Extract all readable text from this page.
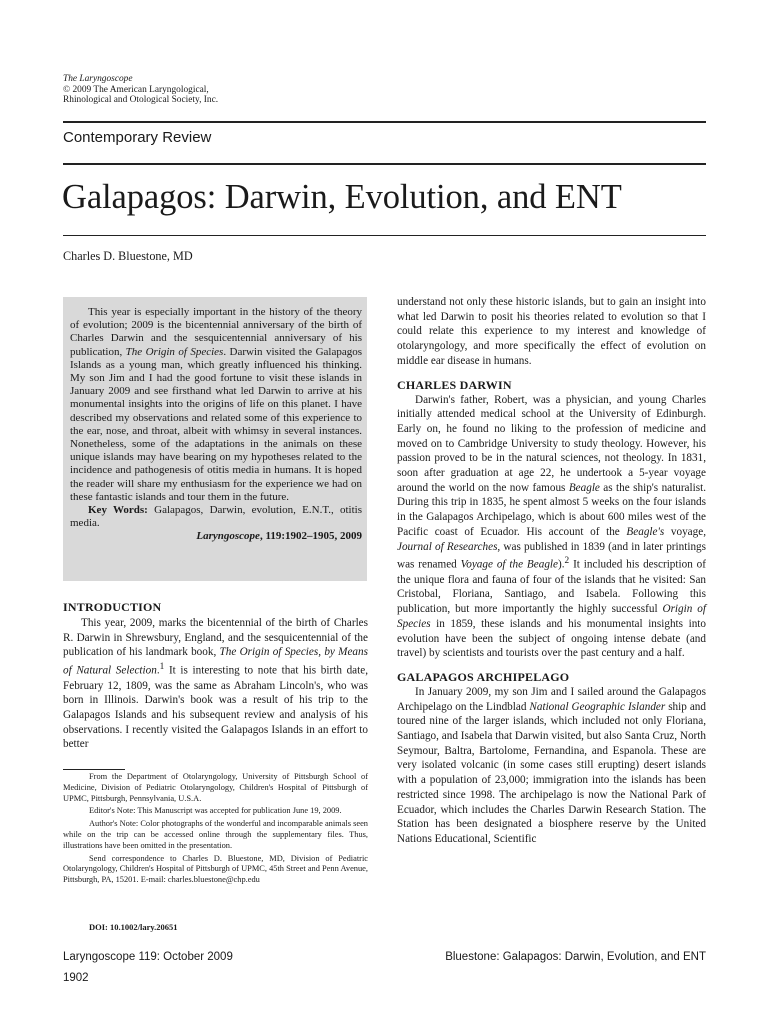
The Laryngoscope
© 2009 The American Laryngological,
Rhinological and Otological Society, Inc.
Contemporary Review
Galapagos: Darwin, Evolution, and ENT
Charles D. Bluestone, MD

This year is especially important in the history of the theory of evolution; 2009 is the bicentennial anniversary of the birth of Charles Darwin and the sesquicentennial anniversary of his publication, The Origin of Species. Darwin visited the Galapagos Islands as a young man, which greatly influenced his thinking. My son Jim and I had the good fortune to visit these islands in January 2009 and see firsthand what led Darwin to arrive at his monumental insights into the origins of life on this planet. I have described my observations and related some of this experience to the ear, nose, and throat, albeit with whimsy in several instances. Nonetheless, some of the adaptations in the animals on these unique islands may have bearing on my hypotheses related to the incidence and pathogenesis of otitis media in humans. It is hoped the reader will share my enthusiasm for the experience we had on these fantastic islands and tour them in the future.

Key Words: Galapagos, Darwin, evolution, E.N.T., otitis media.

Laryngoscope, 119:1902–1905, 2009

INTRODUCTION

This year, 2009, marks the bicentennial of the birth of Charles R. Darwin in Shrewsbury, England, and the sesquicentennial of the publication of his landmark book, The Origin of Species, by Means of Natural Selection.$^1$ It is interesting to note that his birth date, February 12, 1809, was the same as Abraham Lincoln's, who was born in Illinois. Darwin's book was a result of his trip to the Galapagos Islands and his subsequent review and analysis of his observations. I recently visited the Galapagos Islands in an effort to better

From the Department of Otolaryngology, University of Pittsburgh School of Medicine, Division of Pediatric Otolaryngology, Children's Hospital of Pittsburgh of UPMC, Pittsburgh, Pennsylvania, U.S.A.

Editor's Note: This Manuscript was accepted for publication June 19, 2009.

Author's Note: Color photographs of the wonderful and incomparable animals seen while on the trip can be accessed online through the supplementary files. Thus, illustrations have been omitted in the presentation.

Send correspondence to Charles D. Bluestone, MD, Division of Pediatric Otolaryngology, Children's Hospital of Pittsburgh of UPMC, 45th Street and Penn Avenue, Pittsburgh, PA, 15201. E-mail: charles.bluestone@chp.edu

DOI: 10.1002/lary.20651

understand not only these historic islands, but to gain an insight into what led Darwin to posit his theories related to evolution so that I could relate this experience to my interest and knowledge of otolaryngology, and more specifically the effect of evolution on middle ear disease in humans.

CHARLES DARWIN

Darwin's father, Robert, was a physician, and young Charles initially attended medical school at the University of Edinburgh. Early on, he found no liking to the profession of medicine and moved on to Cambridge University to study theology. However, his passion proved to be in the natural sciences, not theology. In 1831, soon after graduation at age 22, he undertook a 5-year voyage around the world on the now famous Beagle as the ship's naturalist. During this trip in 1835, he spent almost 5 weeks on the four islands in the Galapagos Archipelago, which is about 600 miles west of the Pacific coast of Ecuador. His account of the Beagle's voyage, Journal of Researches, was published in 1839 (and in later printings was renamed Voyage of the Beagle).$^2$ It included his description of the unique flora and fauna of four of the islands that he visited: San Cristobal, Floriana, Santiago, and Isabela. Following this publication, but more importantly the highly successful Origin of Species in 1859, these islands and his monumental insights into evolution have been the subject of ongoing intense debate (and travel) by scientists and tourists over the past century and a half.

GALAPAGOS ARCHIPELAGO

In January 2009, my son Jim and I sailed around the Galapagos Archipelago on the Lindblad National Geographic Islander ship and toured nine of the larger islands, which included not only Floriana, Santiago, and Isabela that Darwin visited, but also Santa Cruz, North Seymour, Baltra, Bartolome, Fernandina, and Espanola. These are very isolated volcanic (in some cases still erupting) desert islands with a population of 23,000; immigration into the islands has been restricted since 1998. The archipelago is now the National Park of Ecuador, which includes the Charles Darwin Research Station. The Station has been designated a biosphere reserve by the United Nations Educational, Scientific

Laryngoscope 119: October 2009	Bluestone: Galapagos: Darwin, Evolution, and ENT
1902
